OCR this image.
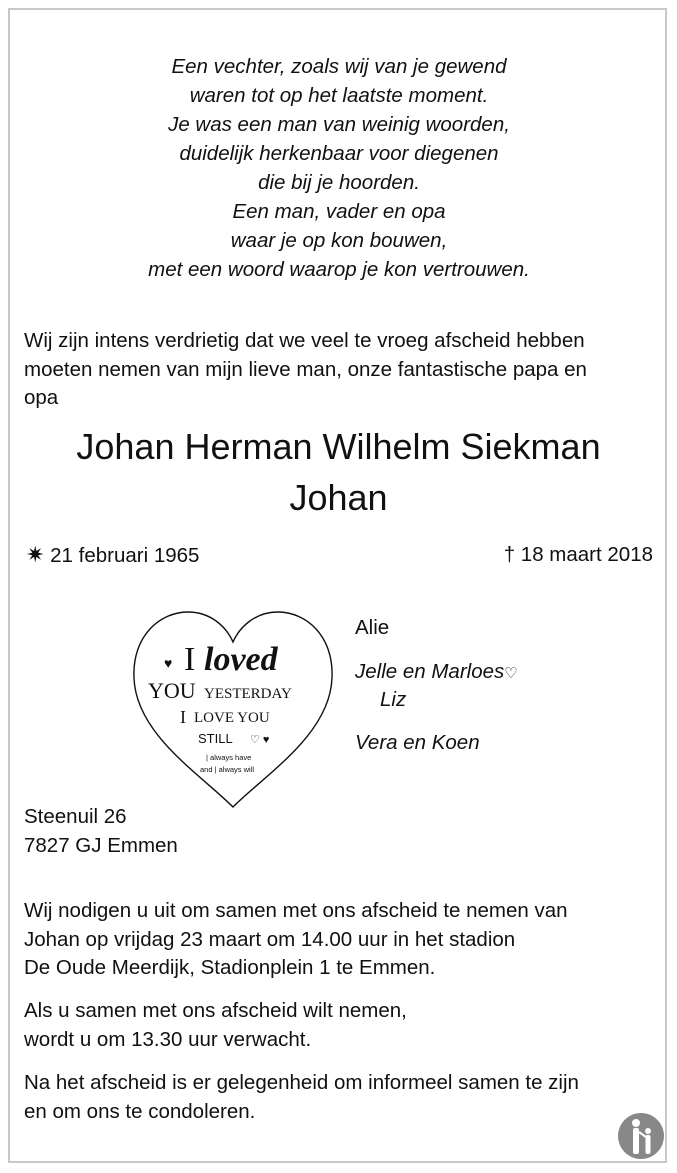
Een vechter, zoals wij van je gewend
waren tot op het laatste moment.
Je was een man van weinig woorden,
duidelijk herkenbaar voor diegenen
die bij je hoorden.
Een man, vader en opa
waar je op kon bouwen,
met een woord waarop je kon vertrouwen.
Wij zijn intens verdrietig dat we veel te vroeg afscheid hebben
moeten nemen van mijn lieve man, onze fantastische papa en
opa
Johan Herman Wilhelm Siekman
Johan
✷ 21 februari 1965	† 18 maart 2018
♥ I loved
YOU YESTERDAY
I LOVE YOU
STILL ♡ ♥
| always have
and | always will
Alie
Jelle en Marloes♡
Liz
Vera en Koen
Steenuil 26
7827 GJ Emmen
Wij nodigen u uit om samen met ons afscheid te nemen van
Johan op vrijdag 23 maart om 14.00 uur in het stadion
De Oude Meerdijk, Stadionplein 1 te Emmen.
Als u samen met ons afscheid wilt nemen,
wordt u om 13.30 uur verwacht.
Na het afscheid is er gelegenheid om informeel samen te zijn
en om ons te condoleren.
